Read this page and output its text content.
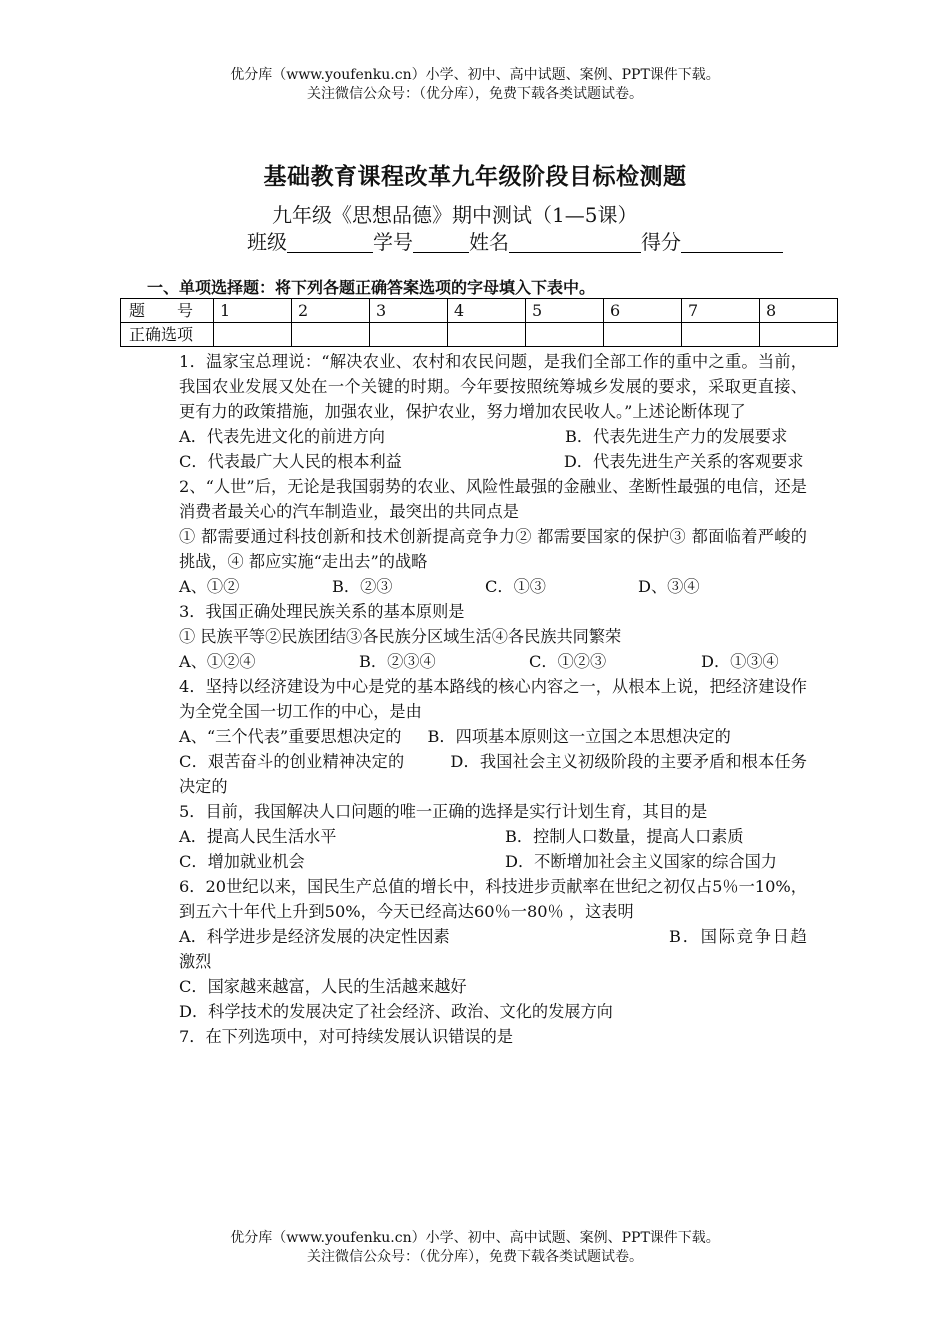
优分库（www.youfenku.cn）小学、初中、高中试题、案例、PPT课件下载。
关注微信公众号：（优分库），免费下载各类试题试卷。
基础教育课程改革九年级阶段目标检测题
九年级《思想品德》期中测试（1—5课）
班级	学号	姓名	得分
一、单项选择题：将下列各题正确答案选项的字母填入下表中。
题　　号	1	2	3	4	5	6	7	8
正确选项								

1．温家宝总理说：“解决农业、农村和农民问题，是我们全部工作的重中之重。当前，我国农业发展又处在一个关键的时期。今年要按照统筹城乡发展的要求，采取更直接、更有力的政策措施，加强农业，保护农业，努力增加农民收人。”上述论断体现了

A．代表先进文化的前进方向	B．代表先进生产力的发展要求

C．代表最广大人民的根本利益	D．代表先进生产关系的客观要求

2、“人世”后，无论是我国弱势的农业、风险性最强的金融业、垄断性最强的电信，还是消费者最关心的汽车制造业，最突出的共同点是

① 都需要通过科技创新和技术创新提高竞争力② 都需要国家的保护③ 都面临着严峻的挑战，④ 都应实施“走出去”的战略

A、①②	B．②③	C．①③	D、③④

3．我国正确处理民族关系的基本原则是

① 民族平等②民族团结③各民族分区域生活④各民族共同繁荣

A、①②④	B．②③④	C．①②③	D．①③④

4．坚持以经济建设为中心是党的基本路线的核心内容之一，从根本上说，把经济建设作为全党全国一切工作的中心，是由

A、“三个代表”重要思想决定的 B．四项基本原则这一立国之本思想决定的

C．艰苦奋斗的创业精神决定的	D．我国社会主义初级阶段的主要矛盾和根本任务决定的

5．目前，我国解决人口问题的唯一正确的选择是实行计划生育，其目的是

A．提高人民生活水平	B．控制人口数量，提高人口素质

C．增加就业机会	D．不断增加社会主义国家的综合国力

6．20世纪以来，国民生产总值的增长中，科技进步贡献率在世纪之初仅占5％一10%，到五六十年代上升到50%，今天已经高达60％一80％ ，这表明

A．科学进步是经济发展的决定性因素	B．国际竞争日趋激烈

C．国家越来越富，人民的生活越来越好

D．科学技术的发展决定了社会经济、政治、文化的发展方向

7．在下列选项中，对可持续发展认识错误的是

优分库（www.youfenku.cn）小学、初中、高中试题、案例、PPT课件下载。
关注微信公众号：（优分库），免费下载各类试题试卷。
